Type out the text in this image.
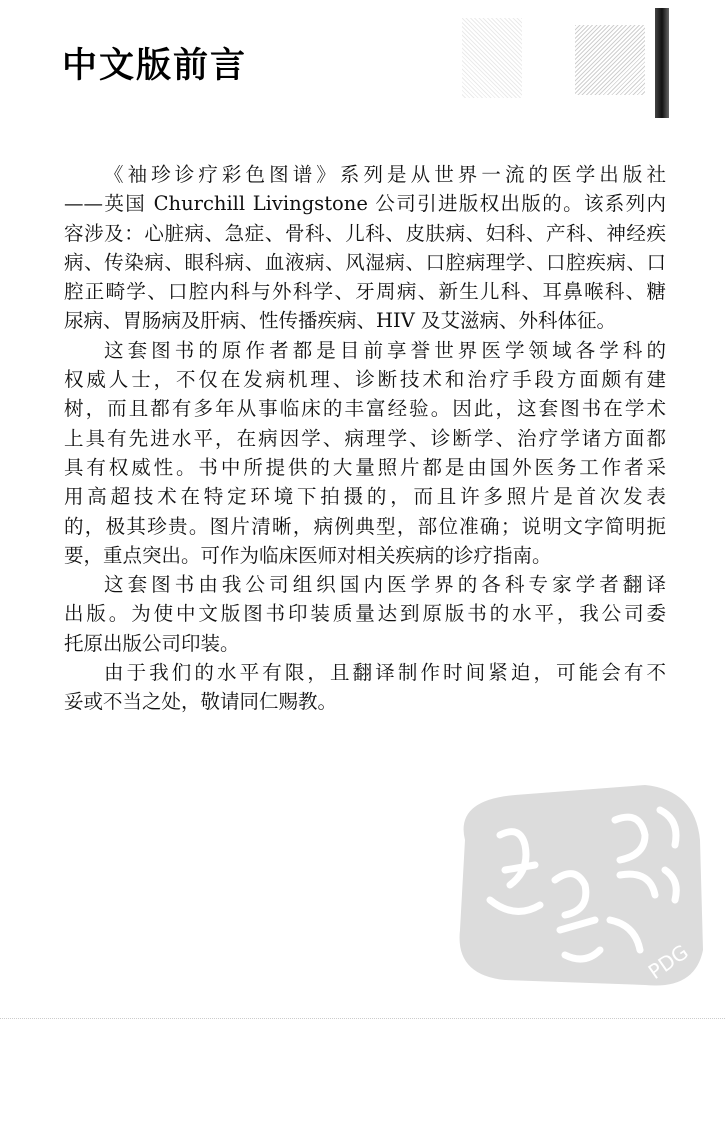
中文版前言
《袖珍诊疗彩色图谱》系列是从世界一流的医学出版社
——英国 Churchill Livingstone 公司引进版权出版的。该系列内
容涉及：心脏病、急症、骨科、儿科、皮肤病、妇科、产科、神经疾
病、传染病、眼科病、血液病、风湿病、口腔病理学、口腔疾病、口
腔正畸学、口腔内科与外科学、牙周病、新生儿科、耳鼻喉科、糖
尿病、胃肠病及肝病、性传播疾病、HIV 及艾滋病、外科体征。
这套图书的原作者都是目前享誉世界医学领域各学科的
权威人士，不仅在发病机理、诊断技术和治疗手段方面颇有建
树，而且都有多年从事临床的丰富经验。因此，这套图书在学术
上具有先进水平，在病因学、病理学、诊断学、治疗学诸方面都
具有权威性。书中所提供的大量照片都是由国外医务工作者采
用高超技术在特定环境下拍摄的，而且许多照片是首次发表
的，极其珍贵。图片清晰，病例典型，部位准确；说明文字简明扼
要，重点突出。可作为临床医师对相关疾病的诊疗指南。
这套图书由我公司组织国内医学界的各科专家学者翻译
出版。为使中文版图书印装质量达到原版书的水平，我公司委
托原出版公司印装。
由于我们的水平有限，且翻译制作时间紧迫，可能会有不
妥或不当之处，敬请同仁赐教。
PDG
